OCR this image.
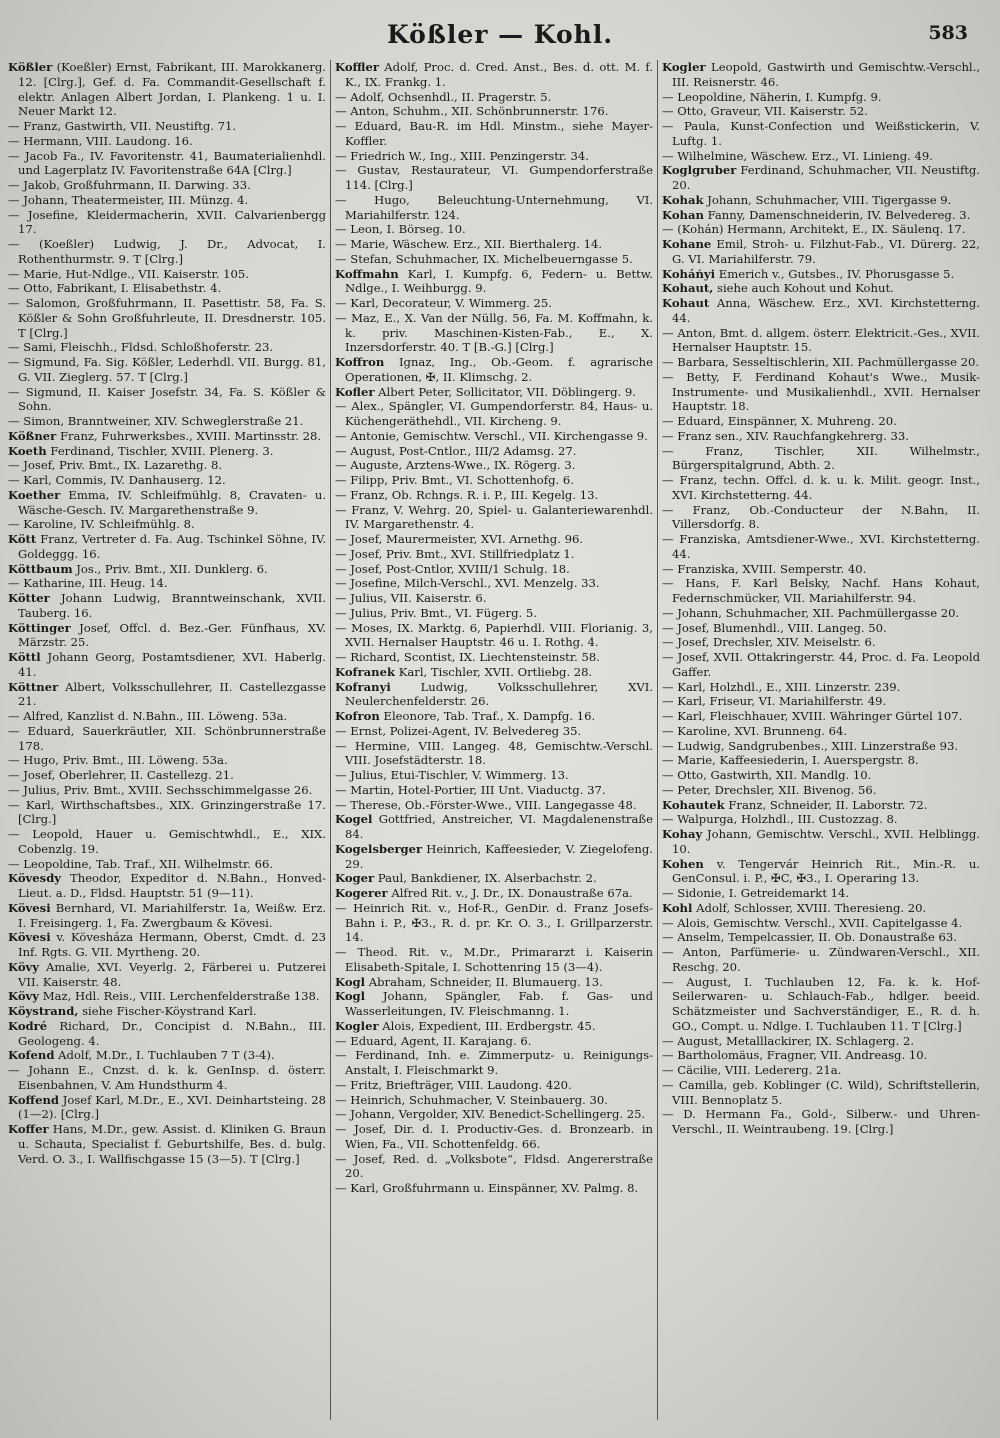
Kößler — Kohl.	583

Kößler (Koeßler) Ernst, Fabrikant, III. Marokkanerg. 12. [Clrg.], Gef. d. Fa. Commandit-Gesellschaft f. elektr. Anlagen Albert Jordan, I. Plankeng. 1 u. I. Neuer Markt 12.

— Franz, Gastwirth, VII. Neustiftg. 71.

— Hermann, VIII. Laudong. 16.

— Jacob Fa., IV. Favoritenstr. 41, Baumaterialienhdl. und Lagerplatz IV. Favoritenstraße 64A [Clrg.]

— Jakob, Großfuhrmann, II. Darwing. 33.

— Johann, Theatermeister, III. Münzg. 4.

— Josefine, Kleidermacherin, XVII. Calvarienbergg 17.

— (Koeßler) Ludwig, J. Dr., Advocat, I. Rothenthurmstr. 9. T [Clrg.]

— Marie, Hut-Ndlge., VII. Kaiserstr. 105.

— Otto, Fabrikant, I. Elisabethstr. 4.

— Salomon, Großfuhrmann, II. Pasettistr. 58, Fa. S. Kößler & Sohn Großfuhrleute, II. Dresdnerstr. 105. T [Clrg.]

— Sami, Fleischh., Fldsd. Schloßhoferstr. 23.

— Sigmund, Fa. Sig. Kößler, Lederhdl. VII. Burgg. 81, G. VII. Zieglerg. 57. T [Clrg.]

— Sigmund, II. Kaiser Josefstr. 34, Fa. S. Kößler & Sohn.

— Simon, Branntweiner, XIV. Schweglerstraße 21.

Kößner Franz, Fuhrwerksbes., XVIII. Martinsstr. 28.

Koeth Ferdinand, Tischler, XVIII. Plenerg. 3.

— Josef, Priv. Bmt., IX. Lazarethg. 8.

— Karl, Commis, IV. Danhauserg. 12.

Koether Emma, IV. Schleifmühlg. 8, Cravaten- u. Wäsche-Gesch. IV. Margarethenstraße 9.

— Karoline, IV. Schleifmühlg. 8.

Kött Franz, Vertreter d. Fa. Aug. Tschinkel Söhne, IV. Goldeggg. 16.

Köttbaum Jos., Priv. Bmt., XII. Dunklerg. 6.

— Katharine, III. Heug. 14.

Kötter Johann Ludwig, Branntweinschank, XVII. Tauberg. 16.

Köttinger Josef, Offcl. d. Bez.-Ger. Fünfhaus, XV. Märzstr. 25.

Köttl Johann Georg, Postamtsdiener, XVI. Haberlg. 41.

Köttner Albert, Volksschullehrer, II. Castellezgasse 21.

— Alfred, Kanzlist d. N.Bahn., III. Löweng. 53a.

— Eduard, Sauerkräutler, XII. Schönbrunnerstraße 178.

— Hugo, Priv. Bmt., III. Löweng. 53a.

— Josef, Oberlehrer, II. Castellezg. 21.

— Julius, Priv. Bmt., XVIII. Sechsschimmelgasse 26.

— Karl, Wirthschaftsbes., XIX. Grinzingerstraße 17. [Clrg.]

— Leopold, Hauer u. Gemischtwhdl., E., XIX. Cobenzlg. 19.

— Leopoldine, Tab. Traf., XII. Wilhelmstr. 66.

Kövesdy Theodor, Expeditor d. N.Bahn., Honved-Lieut. a. D., Fldsd. Hauptstr. 51 (9—11).

Kövesi Bernhard, VI. Mariahilferstr. 1a, Weißw. Erz. I. Freisingerg. 1, Fa. Zwergbaum & Kövesi.

Kövesi v. Kövesháza Hermann, Oberst, Cmdt. d. 23 Inf. Rgts. G. VII. Myrtheng. 20.

Kövy Amalie, XVI. Veyerlg. 2, Färberei u. Putzerei VII. Kaiserstr. 48.

Kövy Maz, Hdl. Reis., VIII. Lerchenfelderstraße 138.

Köystrand, siehe Fischer-Köystrand Karl.

Kodré Richard, Dr., Concipist d. N.Bahn., III. Geologeng. 4.

Kofend Adolf, M.Dr., I. Tuchlauben 7 T (3-4).

— Johann E., Cnzst. d. k. k. GenInsp. d. österr. Eisenbahnen, V. Am Hundsthurm 4.

Koffend Josef Karl, M.Dr., E., XVI. Deinhartsteing. 28 (1—2). [Clrg.]

Koffer Hans, M.Dr., gew. Assist. d. Kliniken G. Braun u. Schauta, Specialist f. Geburtshilfe, Bes. d. bulg. Verd. O. 3., I. Wallfischgasse 15 (3—5). T [Clrg.]

Koffler Adolf, Proc. d. Cred. Anst., Bes. d. ott. M. f. K., IX. Frankg. 1.

— Adolf, Ochsenhdl., II. Pragerstr. 5.

— Anton, Schuhm., XII. Schönbrunnerstr. 176.

— Eduard, Bau-R. im Hdl. Minstm., siehe Mayer-Koffler.

— Friedrich W., Ing., XIII. Penzingerstr. 34.

— Gustav, Restaurateur, VI. Gumpendorferstraße 114. [Clrg.]

— Hugo, Beleuchtung-Unternehmung, VI. Mariahilferstr. 124.

— Leon, I. Börseg. 10.

— Marie, Wäschew. Erz., XII. Bierthalerg. 14.

— Stefan, Schuhmacher, IX. Michelbeuerngasse 5.

Koffmahn Karl, I. Kumpfg. 6, Federn- u. Bettw. Ndlge., I. Weihburgg. 9.

— Karl, Decorateur, V. Wimmerg. 25.

— Maz, E., X. Van der Nüllg. 56, Fa. M. Koffmahn, k. k. priv. Maschinen-Kisten-Fab., E., X. Inzersdorferstr. 40. T [B.-G.] [Clrg.]

Koffron Ignaz, Ing., Ob.-Geom. f. agrarische Operationen, ✠, II. Klimschg. 2.

Kofler Albert Peter, Sollicitator, VII. Döblingerg. 9.

— Alex., Spängler, VI. Gumpendorferstr. 84, Haus- u. Küchengeräthehdl., VII. Kircheng. 9.

— Antonie, Gemischtw. Verschl., VII. Kirchengasse 9.

— August, Post-Cntlor., III/2 Adamsg. 27.

— Auguste, Arztens-Wwe., IX. Rögerg. 3.

— Filipp, Priv. Bmt., VI. Schottenhofg. 6.

— Franz, Ob. Rchngs. R. i. P., III. Kegelg. 13.

— Franz, V. Wehrg. 20, Spiel- u. Galanteriewarenhdl. IV. Margarethenstr. 4.

— Josef, Maurermeister, XVI. Arnethg. 96.

— Josef, Priv. Bmt., XVI. Stillfriedplatz 1.

— Josef, Post-Cntlor, XVIII/1 Schulg. 18.

— Josefine, Milch-Verschl., XVI. Menzelg. 33.

— Julius, VII. Kaiserstr. 6.

— Julius, Priv. Bmt., VI. Fügerg. 5.

— Moses, IX. Marktg. 6, Papierhdl. VIII. Florianig. 3, XVII. Hernalser Hauptstr. 46 u. I. Rothg. 4.

— Richard, Scontist, IX. Liechtensteinstr. 58.

Kofranek Karl, Tischler, XVII. Ortliebg. 28.

Kofranyi	Ludwig, Volksschullehrer, XVI. Neulerchenfelderstr. 26.

Kofron Eleonore, Tab. Traf., X. Dampfg. 16.

— Ernst, Polizei-Agent, IV. Belvedereg 35.

— Hermine, VIII. Langeg. 48, Gemischtw.-Verschl. VIII. Josefstädterstr. 18.

— Julius, Etui-Tischler, V. Wimmerg. 13.

— Martin, Hotel-Portier, III Unt. Viaductg. 37.

— Therese, Ob.-Förster-Wwe., VIII. Langegasse 48.

Kogel Gottfried, Anstreicher, VI. Magdalenenstraße 84.

Kogelsberger Heinrich, Kaffeesieder, V. Ziegelofeng. 29.

Koger Paul, Bankdiener, IX. Alserbachstr. 2.

Kogerer Alfred Rit. v., J. Dr., IX. Donaustraße 67a.

— Heinrich Rit. v., Hof-R., GenDir. d. Franz Josefs-Bahn i. P., ✠3., R. d. pr. Kr. O. 3., I. Grillparzerstr. 14.

— Theod. Rit. v., M.Dr., Primararzt i. Kaiserin Elisabeth-Spitale, I. Schottenring 15 (3—4).

Kogl Abraham, Schneider, II. Blumauerg. 13.

Kogl Johann, Spängler, Fab. f. Gas- und Wasserleitungen, IV. Fleischmanng. 1.

Kogler Alois, Expedient, III. Erdbergstr. 45.

— Eduard, Agent, II. Karajang. 6.

— Ferdinand, Inh. e. Zimmerputz- u. Reinigungs-Anstalt, I. Fleischmarkt 9.

— Fritz, Briefträger, VIII. Laudong. 420.

— Heinrich, Schuhmacher, V. Steinbauerg. 30.

— Johann, Vergolder, XIV. Benedict-Schellingerg. 25.

— Josef, Dir. d. I. Productiv-Ges. d. Bronzearb. in Wien, Fa., VII. Schottenfeldg. 66.

— Josef, Red. d. „Volksbote“, Fldsd. Angererstraße 20.

— Karl, Großfuhrmann u. Einspänner, XV. Palmg. 8.

Kogler Leopold, Gastwirth und Gemischtw.-Verschl., III. Reisnerstr. 46.

— Leopoldine, Näherin, I. Kumpfg. 9.

— Otto, Graveur, VII. Kaiserstr. 52.

— Paula, Kunst-Confection und Weißstickerin, V. Luftg. 1.

— Wilhelmine, Wäschew. Erz., VI. Linieng. 49.

Koglgruber Ferdinand, Schuhmacher, VII. Neustiftg. 20.

Kohak Johann, Schuhmacher, VIII. Tigergasse 9.

Kohan Fanny, Damenschneiderin, IV. Belvedereg. 3.

— (Kohán) Hermann, Architekt, E., IX. Säulenq. 17.

Kohane Emil, Stroh- u. Filzhut-Fab., VI. Dürerg. 22, G. VI. Mariahilferstr. 79.

Koháńyi Emerich v., Gutsbes., IV. Phorusgasse 5.

Kohaut, siehe auch Kohout und Kohut.

Kohaut Anna, Wäschew. Erz., XVI. Kirchstetterng. 44.

— Anton, Bmt. d. allgem. österr. Elektricit.-Ges., XVII. Hernalser Hauptstr. 15.

— Barbara, Sesseltischlerin, XII. Pachmüllergasse 20.

— Betty, F. Ferdinand Kohaut's Wwe., Musik-Instrumente- und Musikalienhdl., XVII. Hernalser Hauptstr. 18.

— Eduard, Einspänner, X. Muhreng. 20.

— Franz sen., XIV. Rauchfangkehrerg. 33.

— Franz, Tischler, XII. Wilhelmstr., Bürgerspitalgrund, Abth. 2.

— Franz, techn. Offcl. d. k. u. k. Milit. geogr. Inst., XVI. Kirchstetterng. 44.

— Franz, Ob.-Conducteur der N.Bahn, II. Villersdorfg. 8.

— Franziska, Amtsdiener-Wwe., XVI. Kirchstetterng. 44.

— Franziska, XVIII. Semperstr. 40.

— Hans, F. Karl Belsky, Nachf. Hans Kohaut, Federnschmücker, VII. Mariahilferstr. 94.

— Johann, Schuhmacher, XII. Pachmüllergasse 20.

— Josef, Blumenhdl., VIII. Langeg. 50.

— Josef, Drechsler, XIV. Meiselstr. 6.

— Josef, XVII. Ottakringerstr. 44, Proc. d. Fa. Leopold Gaffer.

— Karl, Holzhdl., E., XIII. Linzerstr. 239.

— Karl, Friseur, VI. Mariahilferstr. 49.

— Karl, Fleischhauer, XVIII. Währinger Gürtel 107.

— Karoline, XVI. Brunneng. 64.

— Ludwig, Sandgrubenbes., XIII. Linzerstraße 93.

— Marie, Kaffeesiederin, I. Auerspergstr. 8.

— Otto, Gastwirth, XII. Mandlg. 10.

— Peter, Drechsler, XII. Bivenog. 56.

Kohautek Franz, Schneider, II. Laborstr. 72.

— Walpurga, Holzhdl., III. Custozzag. 8.

Kohay Johann, Gemischtw. Verschl., XVII. Helblingg. 10.

Kohen v. Tengervár Heinrich Rit., Min.-R. u. GenConsul. i. P., ✠C, ✠3., I. Operaring 13.

— Sidonie, I. Getreidemarkt 14.

Kohl Adolf, Schlosser, XVIII. Theresieng. 20.

— Alois, Gemischtw. Verschl., XVII. Capitelgasse 4.

— Anselm, Tempelcassier, II. Ob. Donaustraße 63.

— Anton, Parfümerie- u. Zündwaren-Verschl., XII. Reschg. 20.

— August, I. Tuchlauben 12, Fa. k. k. Hof-Seilerwaren- u. Schlauch-Fab., hdlger. beeid. Schätzmeister und Sachverständiger, E., R. d. h. GO., Compt. u. Ndlge. I. Tuchlauben 11. T [Clrg.]

— August, Metalllackirer, IX. Schlagerg. 2.

— Bartholomäus, Fragner, VII. Andreasg. 10.

— Cäcilie, VIII. Ledererg. 21a.

— Camilla, geb. Koblinger (C. Wild), Schriftstellerin, VIII. Bennoplatz 5.

— D. Hermann Fa., Gold-, Silberw.- und Uhren-Verschl., II. Weintraubeng. 19. [Clrg.]
